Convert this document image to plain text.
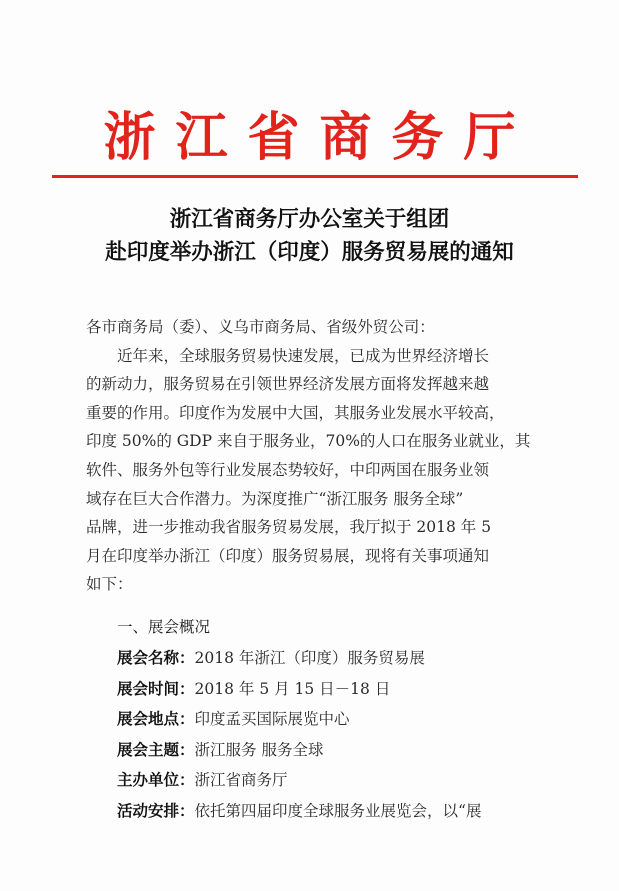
浙江省商务厅
浙江省商务厅办公室关于组团
赴印度举办浙江（印度）服务贸易展的通知
各市商务局（委）、义乌市商务局、省级外贸公司：
近年来，全球服务贸易快速发展，已成为世界经济增长
的新动力，服务贸易在引领世界经济发展方面将发挥越来越
重要的作用。印度作为发展中大国，其服务业发展水平较高，
印度 50%的 GDP 来自于服务业，70%的人口在服务业就业，其
软件、服务外包等行业发展态势较好，中印两国在服务业领
域存在巨大合作潜力。为深度推广“浙江服务 服务全球”
品牌，进一步推动我省服务贸易发展，我厅拟于 2018 年 5
月在印度举办浙江（印度）服务贸易展，现将有关事项通知
如下：
一、展会概况
展会名称：2018 年浙江（印度）服务贸易展
展会时间：2018 年 5 月 15 日－18 日
展会地点：印度孟买国际展览中心
展会主题：浙江服务 服务全球
主办单位：浙江省商务厅
活动安排：依托第四届印度全球服务业展览会，以“展
